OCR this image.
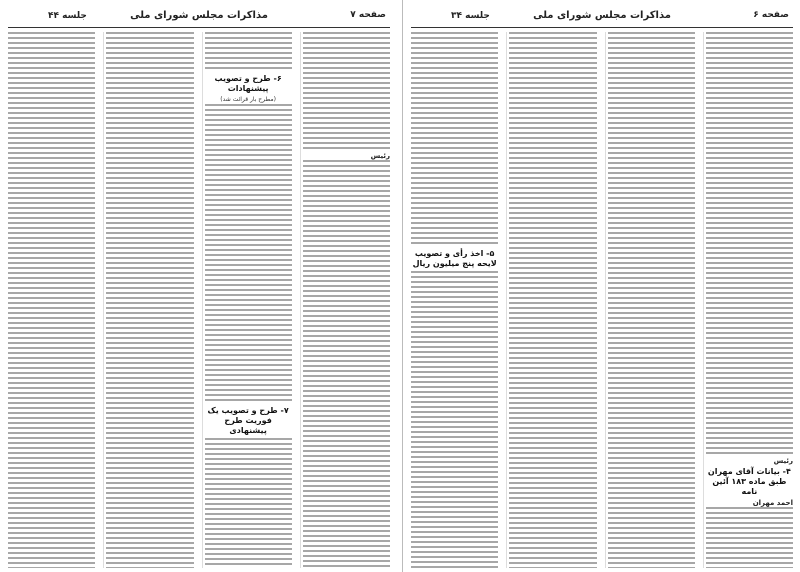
صفحه ۷
مذاکرات مجلس شورای ملی
جلسه ۴۴
رئیس
۶- طرح و تصویب پیشنهادات
(مطرح بار قرائت شد)
۷- طرح و تصویب یک فوریت طرح پیشنهادی
صفحه ۶
مذاکرات مجلس شورای ملی
جلسه ۳۴
رئیس
۴- بیانات آقای مهران طبق ماده ۱۸۳ آئین نامه
احمد مهران
۵- اخذ رأی و تصویب لایحه پنج میلیون ریال
